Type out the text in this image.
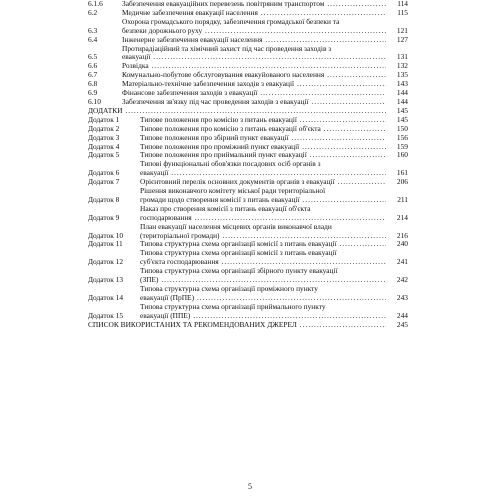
6.1.6	Забезпечення евакуаційних перевезень повітряним транспортом .....	114
6.2	Медичне забезпечення евакуації населення .....	115
6.3
Охорона громадського порядку, забезпечення громадської безпеки та
безпеки дорожнього руху .....	121
6.4	Інженерне забезпечення евакуації населення .....	127
6.5
Протирадіаційний та хімічний захист під час проведення заходів з
евакуації .....	131
6.6	Розвідка .....	132
6.7	Комунально-побутове обслуговування евакуйованого населення .....	135
6.8	Матеріально-технічне забезпечення заходів з евакуації .....	143
6.9	Фінансове забезпечення заходів з евакуації .....	144
6.10	Забезпечення зв'язку під час проведення заходів з евакуації .....	144
ДОДАТКИ .....	145
Додаток 1	Типове положення про комісію з питань евакуації .....	145
Додаток 2	Типове положення про комісію з питань евакуації об'єкта .....	150
Додаток 3	Типове положення про збірний пункт евакуації .....	156
Додаток 4	Типове положення про проміжний пункт евакуації .....	159
Додаток 5	Типове положення про приймальний пункт евакуації .....	160
Додаток 6
Типові функціональні обов'язки посадових осіб органів з
евакуації .....	161
Додаток 7	Орієнтовний перелік основних документів органів з евакуації .....	206
Додаток 8
Рішення виконавчого комітету міської ради територіальної
громади щодо створення комісії з питань евакуації .....	211
Додаток 9
Наказ про створення комісії з питань евакуації об'єкта
господарювання .....	214
Додаток 10
План евакуації населення місцевих органів виконавчої влади
(територіальної громади) .....	216
Додаток 11	Типова структурна схема організації комісії з питань евакуації .....	240
Додаток 12
Типова структурна схема організації комісії з питань евакуації
суб'єкта господарювання .....	241
Додаток 13
Типова структурна схема організації збірного пункту евакуації
(ЗПЕ) .....	242
Додаток 14
Типова структурна схема організації проміжного пункту
евакуації (ПрПЕ) .....	243
Додаток 15
Типова структурна схема організації приймального пункту
евакуації (ППЕ) .....	244
СПИСОК ВИКОРИСТАНИХ ТА РЕКОМЕНДОВАНИХ ДЖЕРЕЛ .....	245
5
